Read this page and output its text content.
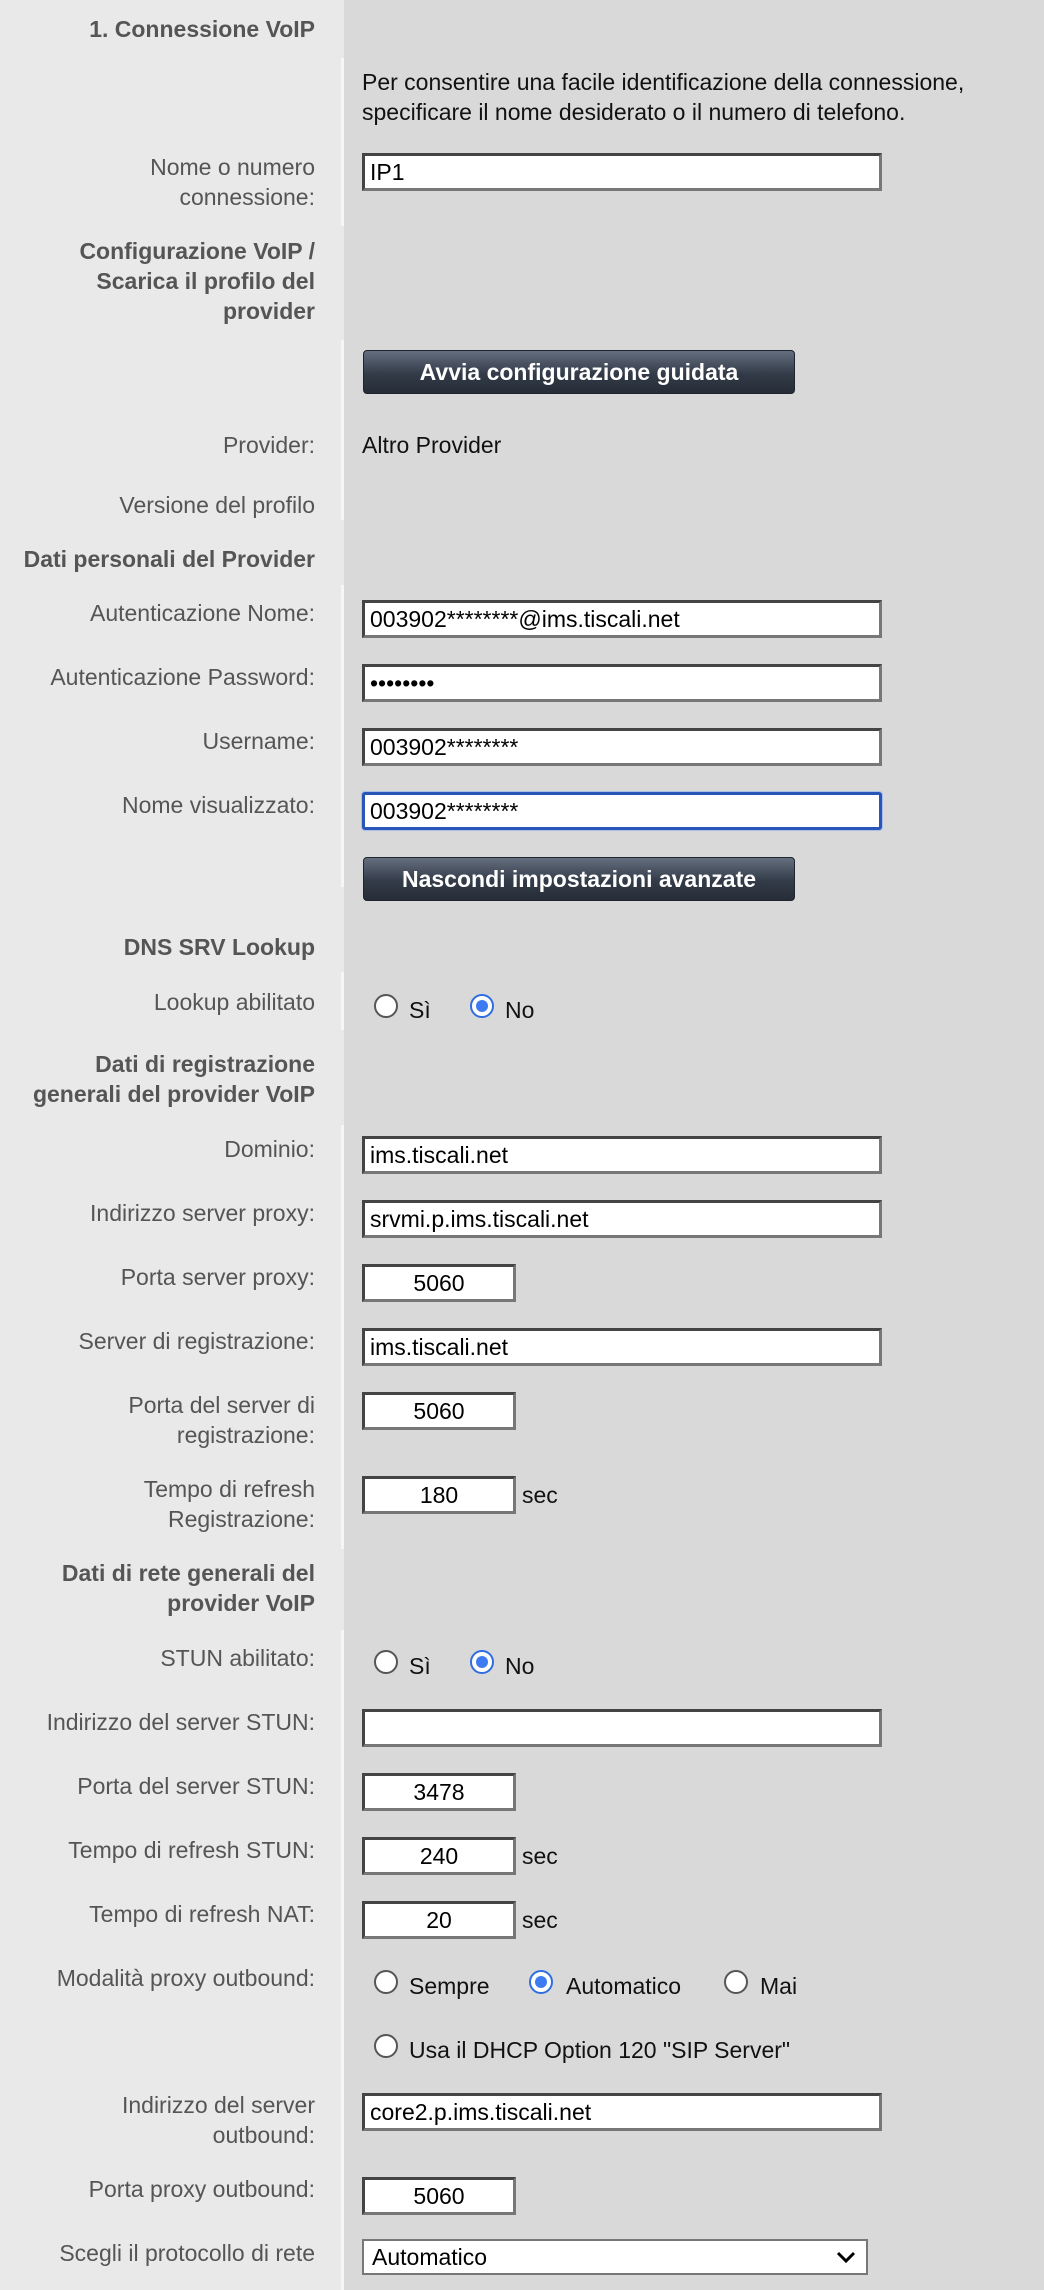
1. Connessione VoIP
Per consentire una facile identificazione della connessione,
specificare il nome desiderato o il numero di telefono.
Nome o numero
connessione:
IP1
Configurazione VoIP /
Scarica il profilo del
provider
Avvia configurazione guidata
Provider: Altro Provider
Versione del profilo
Dati personali del Provider
Autenticazione Nome:
003902********@ims.tiscali.net
Autenticazione Password:
••••••••
Username:
003902********
Nome visualizzato:
003902********
Nascondi impostazioni avanzate
DNS SRV Lookup
Lookup abilitato	Sì	No
Dati di registrazione
generali del provider VoIP
Dominio:
ims.tiscali.net
Indirizzo server proxy:
srvmi.p.ims.tiscali.net
Porta server proxy:
5060
Server di registrazione:
ims.tiscali.net
Porta del server di
registrazione:
5060
Tempo di refresh
Registrazione:
180
sec
Dati di rete generali del
provider VoIP
STUN abilitato:	Sì	No
Indirizzo del server STUN:
Porta del server STUN:
3478
Tempo di refresh STUN:
240	sec
Tempo di refresh NAT:
20	sec
Modalità proxy outbound:	Sempre	Automatico	Mai
Usa il DHCP Option 120 "SIP Server"
Indirizzo del server
outbound:
core2.p.ims.tiscali.net
Porta proxy outbound:
5060
Scegli il protocollo di rete	Automatico
